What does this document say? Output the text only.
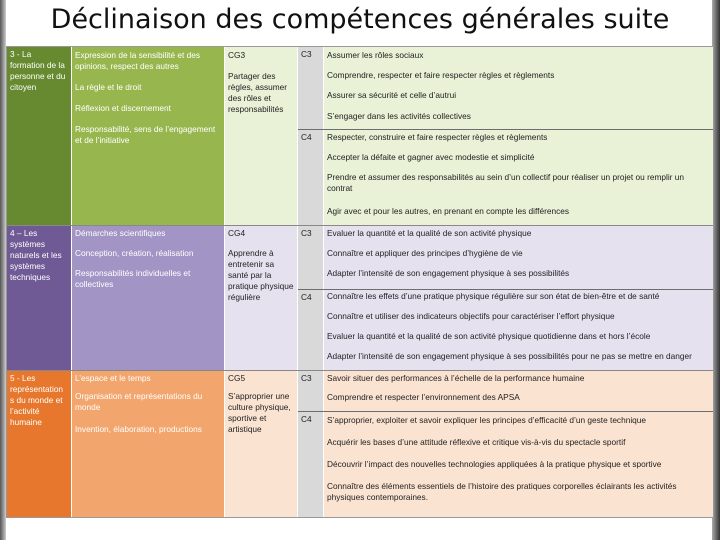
Déclinaison des compétences générales suite
3 - La formation de la personne et du citoyen
Expression de la sensibilité et des opinions, respect des autres
La règle et le droit
Réflexion et discernement
Responsabilité, sens de l’engagement et de l’initiative
CG3
Partager des règles, assumer des rôles et responsabilités
C3
C4
Assumer les rôles sociaux
Comprendre, respecter et faire respecter règles et règlements
Assurer sa sécurité et celle d’autrui
S’engager dans les activités collectives
Respecter, construire et faire respecter règles et règlements
Accepter la défaite et gagner avec modestie et simplicité
Prendre et assumer des responsabilités au sein d’un collectif pour réaliser un projet ou remplir un contrat
Agir avec et pour les autres, en prenant en compte les différences
4 – Les systèmes naturels et les systèmes techniques
Démarches scientifiques
Conception, création, réalisation
Responsabilités individuelles et collectives
CG4
Apprendre à entretenir sa santé par la pratique physique régulière
C3
C4
Evaluer la quantité et la qualité de son activité physique
Connaître et appliquer des principes d’hygiène de vie
Adapter l’intensité de son engagement physique à ses possibilités
Connaître les effets d’une pratique physique régulière sur son état de bien-être et de santé
Connaître et utiliser des indicateurs objectifs pour caractériser l’effort physique
Evaluer la quantité et la qualité de son activité physique quotidienne dans et hors l’école
Adapter l’intensité de son engagement physique à ses possibilités pour ne pas se mettre en danger
5 - Les représentation s du monde et l’activité humaine
L’espace et le temps
Organisation et représentations du monde
Invention, élaboration, productions
CG5
S’approprier une culture physique, sportive et artistique
C3
C4
Savoir situer des performances à l’échelle de la performance humaine
Comprendre et respecter l’environnement des APSA
S’approprier, exploiter et savoir expliquer les principes d’efficacité d’un geste technique
Acquérir les bases d’une attitude réflexive et critique vis-à-vis du spectacle sportif
Découvrir l’impact des nouvelles technologies appliquées à la pratique physique et sportive
Connaître des éléments essentiels de l’histoire des pratiques corporelles éclairants les activités physiques contemporaines.
